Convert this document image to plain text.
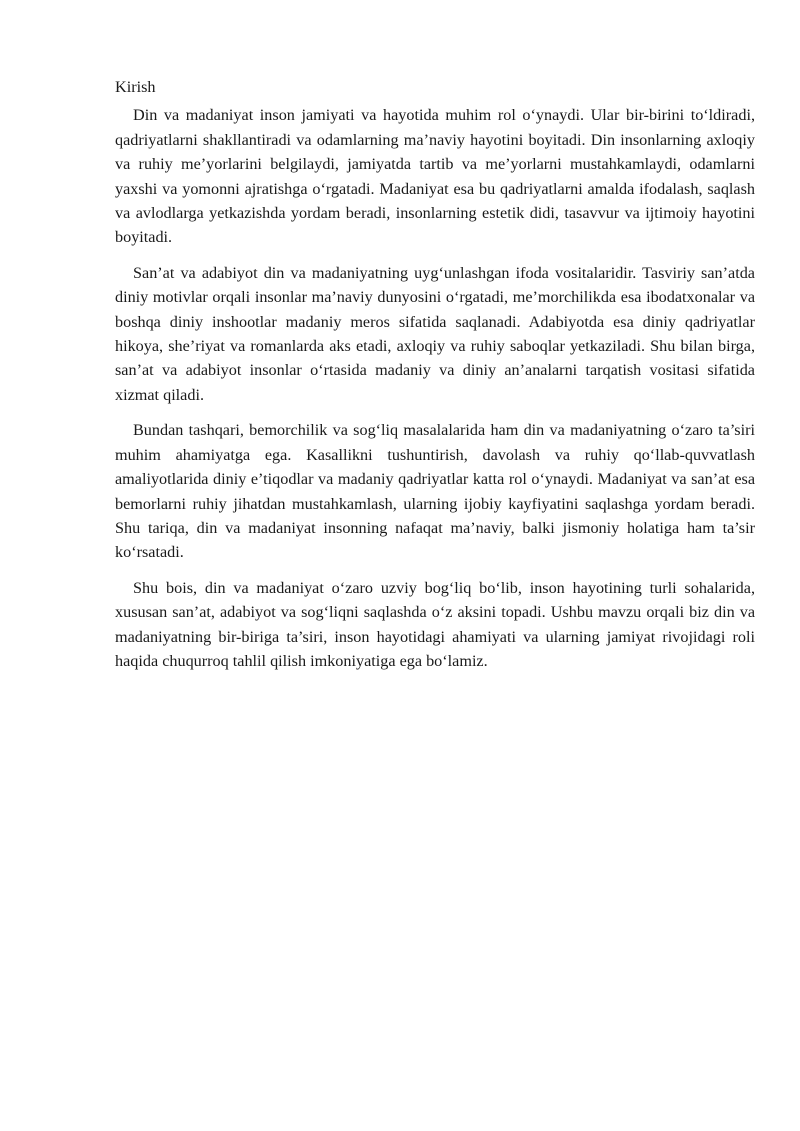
Kirish

Din va madaniyat inson jamiyati va hayotida muhim rol o‘ynaydi. Ular bir-birini to‘ldiradi, qadriyatlarni shakllantiradi va odamlarning ma’naviy hayotini boyitadi. Din insonlarning axloqiy va ruhiy me’yorlarini belgilaydi, jamiyatda tartib va me’yorlarni mustahkamlaydi, odamlarni yaxshi va yomonni ajratishga o‘rgatadi. Madaniyat esa bu qadriyatlarni amalda ifodalash, saqlash va avlodlarga yetkazishda yordam beradi, insonlarning estetik didi, tasavvur va ijtimoiy hayotini boyitadi.

San’at va adabiyot din va madaniyatning uyg‘unlashgan ifoda vositalaridir. Tasviriy san’atda diniy motivlar orqali insonlar ma’naviy dunyosini o‘rgatadi, me’morchilikda esa ibodatxonalar va boshqa diniy inshootlar madaniy meros sifatida saqlanadi. Adabiyotda esa diniy qadriyatlar hikoya, she’riyat va romanlarda aks etadi, axloqiy va ruhiy saboqlar yetkaziladi. Shu bilan birga, san’at va adabiyot insonlar o‘rtasida madaniy va diniy an’analarni tarqatish vositasi sifatida xizmat qiladi.

Bundan tashqari, bemorchilik va sog‘liq masalalarida ham din va madaniyatning o‘zaro ta’siri muhim ahamiyatga ega. Kasallikni tushuntirish, davolash va ruhiy qo‘llab-quvvatlash amaliyotlarida diniy e’tiqodlar va madaniy qadriyatlar katta rol o‘ynaydi. Madaniyat va san’at esa bemorlarni ruhiy jihatdan mustahkamlash, ularning ijobiy kayfiyatini saqlashga yordam beradi. Shu tariqa, din va madaniyat insonning nafaqat ma’naviy, balki jismoniy holatiga ham ta’sir ko‘rsatadi.

Shu bois, din va madaniyat o‘zaro uzviy bog‘liq bo‘lib, inson hayotining turli sohalarida, xususan san’at, adabiyot va sog‘liqni saqlashda o‘z aksini topadi. Ushbu mavzu orqali biz din va madaniyatning bir-biriga ta’siri, inson hayotidagi ahamiyati va ularning jamiyat rivojidagi roli haqida chuqurroq tahlil qilish imkoniyatiga ega bo‘lamiz.
